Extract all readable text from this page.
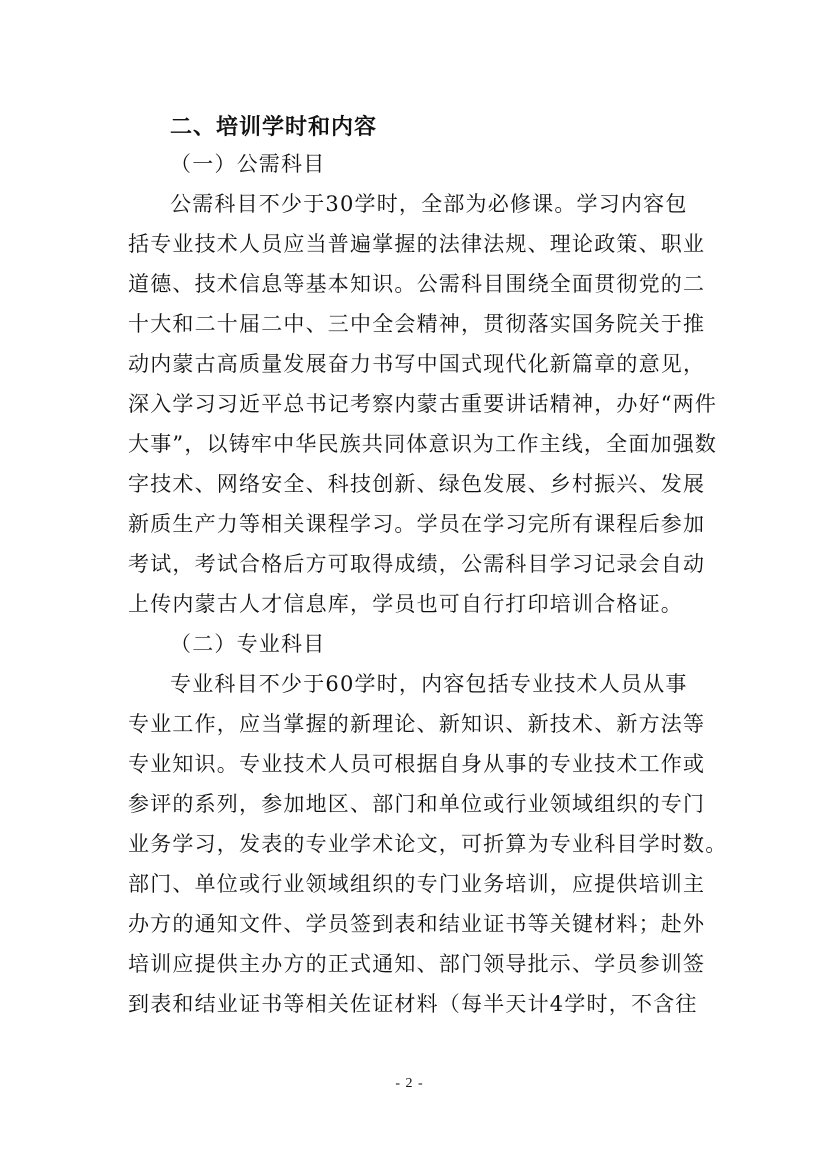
二、培训学时和内容
（一）公需科目
公需科目不少于30学时，全部为必修课。学习内容包
括专业技术人员应当普遍掌握的法律法规、理论政策、职业
道德、技术信息等基本知识。公需科目围绕全面贯彻党的二
十大和二十届二中、三中全会精神，贯彻落实国务院关于推
动内蒙古高质量发展奋力书写中国式现代化新篇章的意见，
深入学习习近平总书记考察内蒙古重要讲话精神，办好“两件
大事”，以铸牢中华民族共同体意识为工作主线，全面加强数
字技术、网络安全、科技创新、绿色发展、乡村振兴、发展
新质生产力等相关课程学习。学员在学习完所有课程后参加
考试，考试合格后方可取得成绩，公需科目学习记录会自动
上传内蒙古人才信息库，学员也可自行打印培训合格证。
（二）专业科目
专业科目不少于60学时，内容包括专业技术人员从事
专业工作，应当掌握的新理论、新知识、新技术、新方法等
专业知识。专业技术人员可根据自身从事的专业技术工作或
参评的系列，参加地区、部门和单位或行业领域组织的专门
业务学习，发表的专业学术论文，可折算为专业科目学时数。
部门、单位或行业领域组织的专门业务培训，应提供培训主
办方的通知文件、学员签到表和结业证书等关键材料；赴外
培训应提供主办方的正式通知、部门领导批示、学员参训签
到表和结业证书等相关佐证材料（每半天计4学时，不含往
- 2 -
